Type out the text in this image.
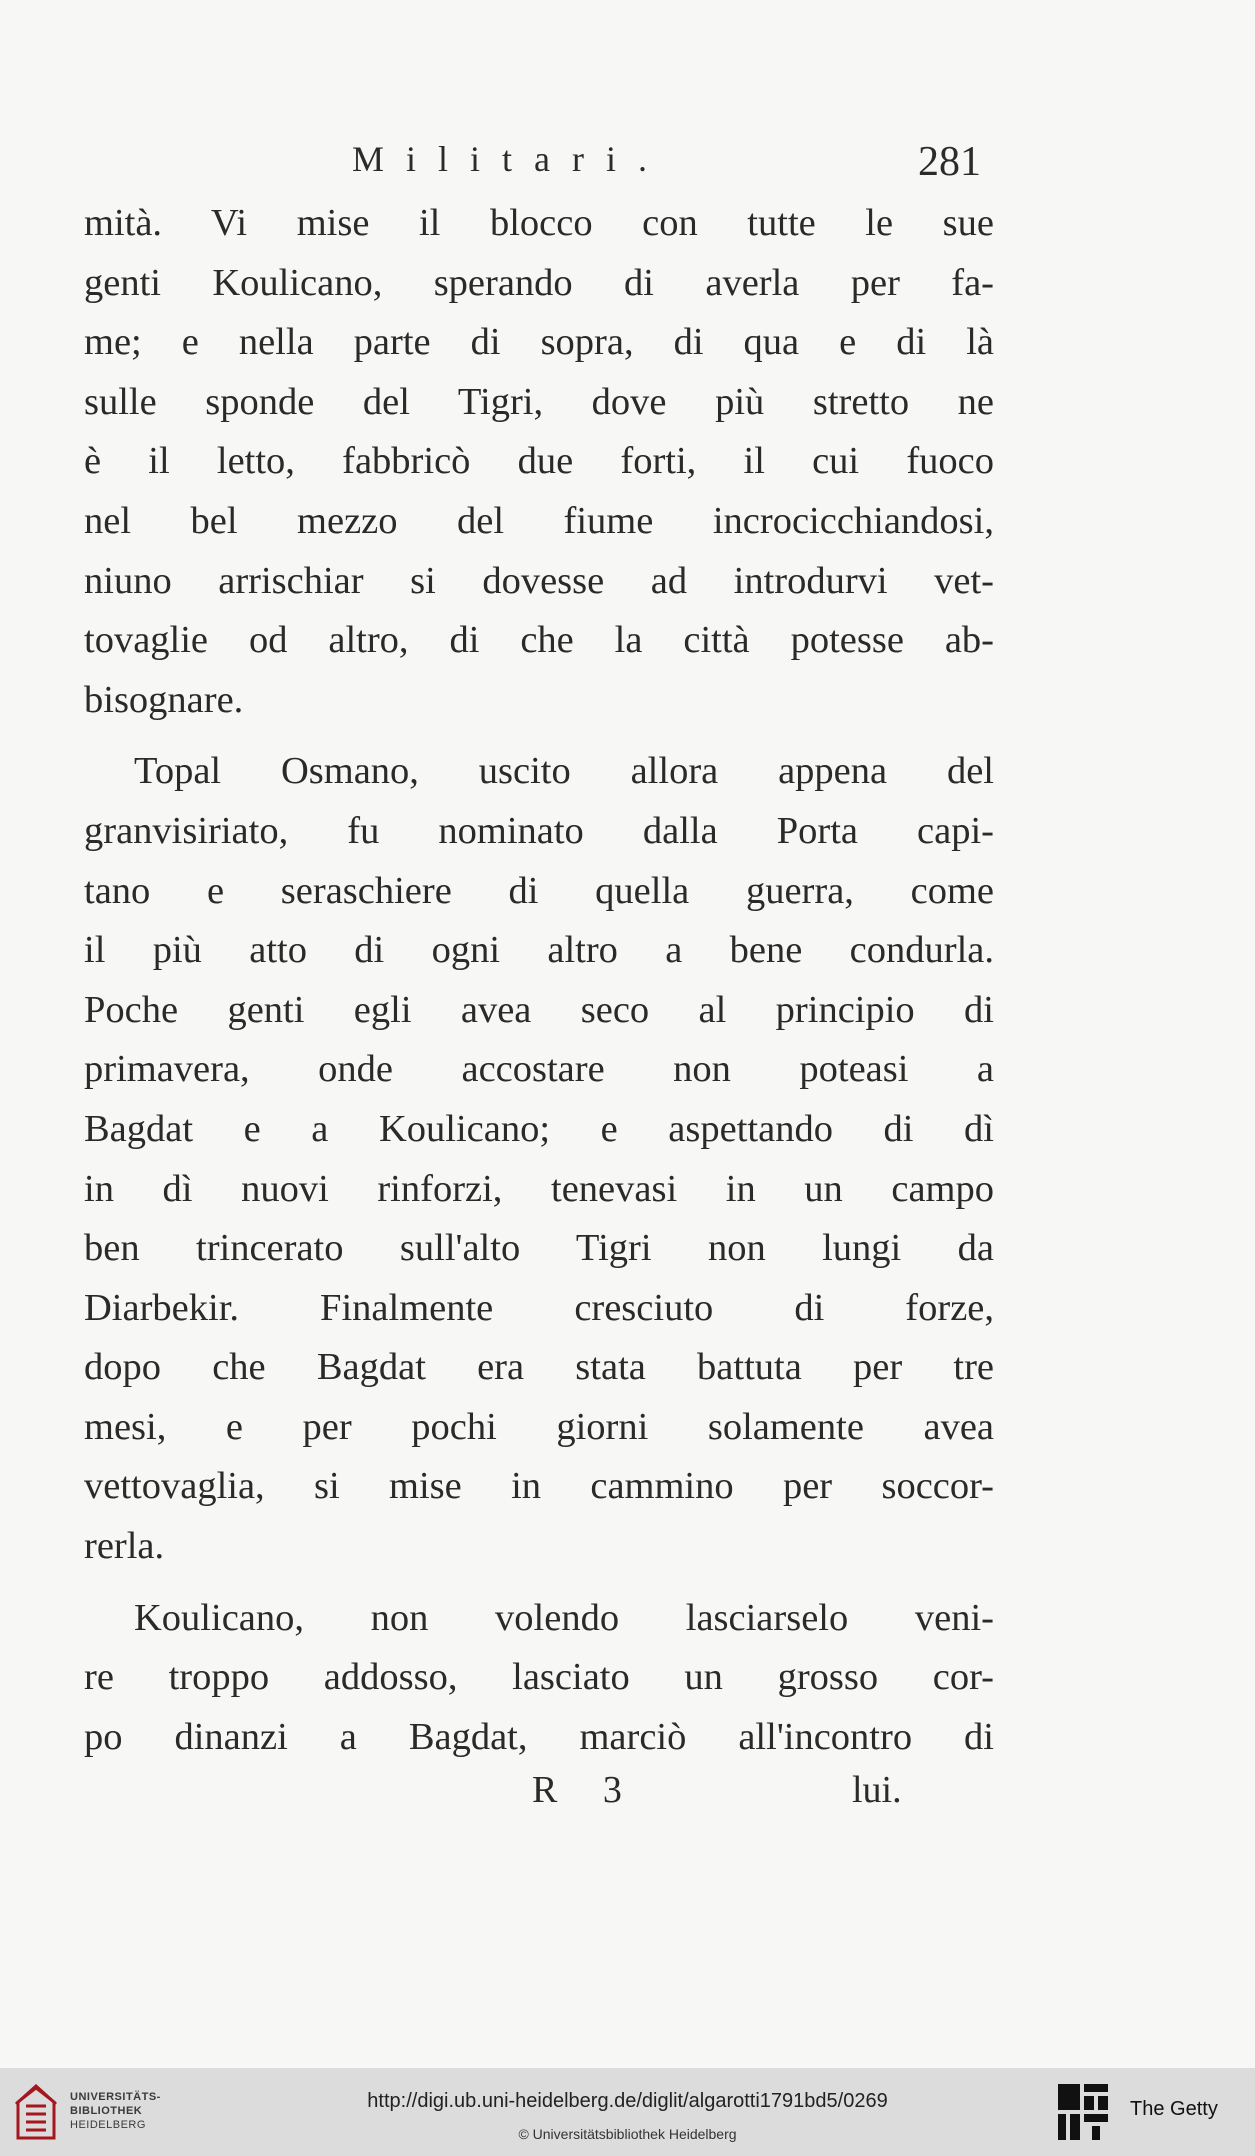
Militari.	281
mità. Vi mise il blocco con tutte le sue
genti Koulicano, sperando di averla per fa-
me; e nella parte di sopra, di qua e di là
sulle sponde del Tigri, dove più stretto ne
è il letto, fabbricò due forti, il cui fuoco
nel bel mezzo del fiume incrocicchiandosi,
niuno arrischiar si dovesse ad introdurvi vet-
tovaglie od altro, di che la città potesse ab-
bisognare.
Topal Osmano, uscito allora appena del
granvisiriato, fu nominato dalla Porta capi-
tano e seraschiere di quella guerra, come
il più atto di ogni altro a bene condurla.
Poche genti egli avea seco al principio di
primavera, onde accostare non poteasi a
Bagdat e a Koulicano; e aspettando di dì
in dì nuovi rinforzi, tenevasi in un campo
ben trincerato sull'alto Tigri non lungi da
Diarbekir. Finalmente cresciuto di forze,
dopo che Bagdat era stata battuta per tre
mesi, e per pochi giorni solamente avea
vettovaglia, si mise in cammino per soccor-
rerla.
Koulicano, non volendo lasciarselo veni-
re troppo addosso, lasciato un grosso cor-
po dinanzi a Bagdat, marciò all'incontro di
R 3	lui.
UNIVERSITÄTS-
BIBLIOTHEK
HEIDELBERG
http://digi.ub.uni-heidelberg.de/diglit/algarotti1791bd5/0269
© Universitätsbibliothek Heidelberg
The Getty
